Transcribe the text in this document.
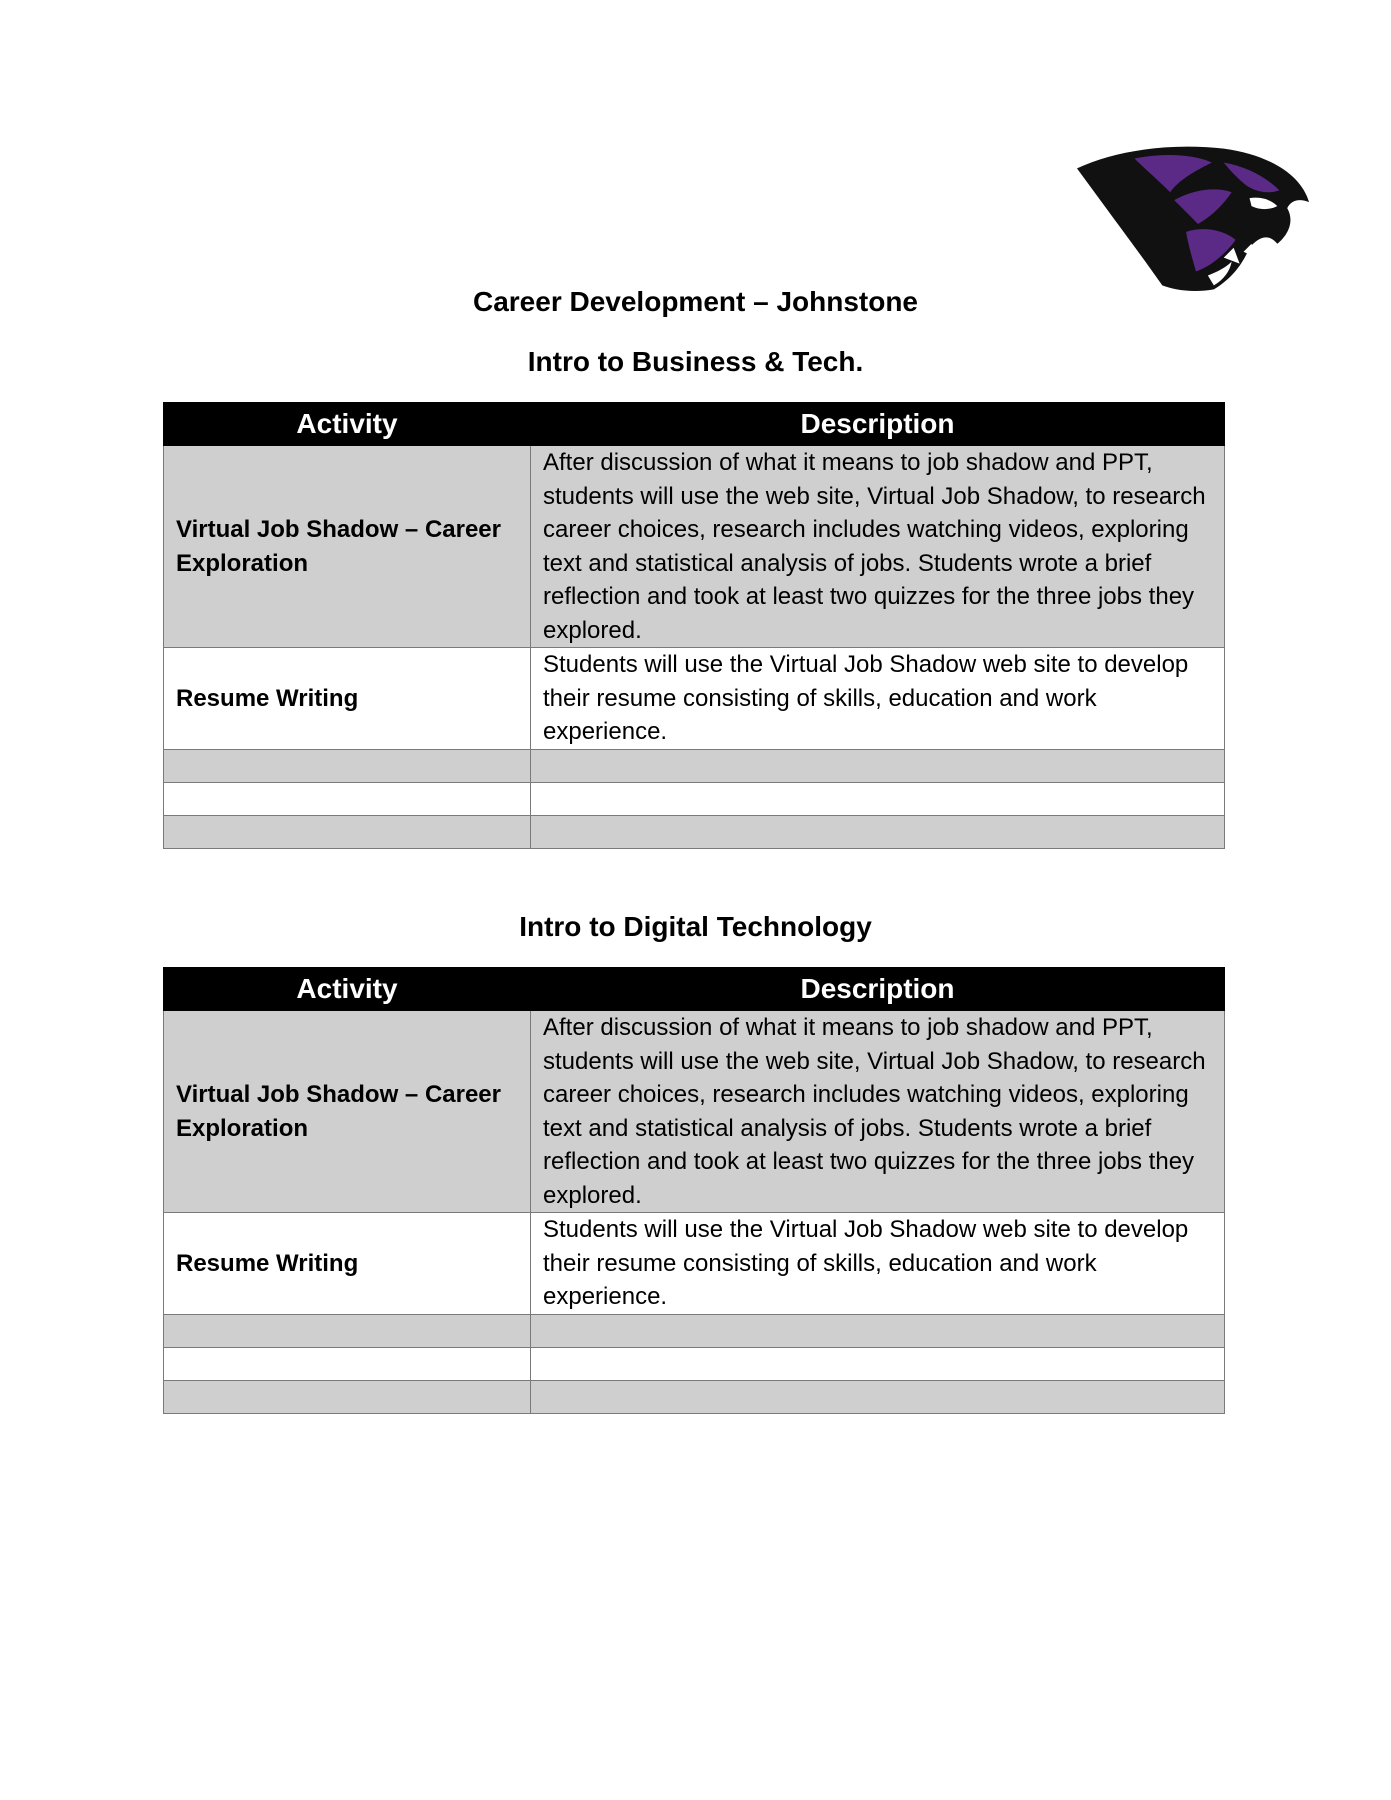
Career Development – Johnstone
Intro to Business & Tech.
Activity	Description
Virtual Job Shadow – Career Exploration	After discussion of what it means to job shadow and PPT, students will use the web site, Virtual Job Shadow, to research career choices, research includes watching videos, exploring text and statistical analysis of jobs. Students wrote a brief reflection and took at least two quizzes for the three jobs they explored.
Resume Writing	Students will use the Virtual Job Shadow web site to develop their resume consisting of skills, education and work experience.

Intro to Digital Technology
Activity	Description
Virtual Job Shadow – Career Exploration	After discussion of what it means to job shadow and PPT, students will use the web site, Virtual Job Shadow, to research career choices, research includes watching videos, exploring text and statistical analysis of jobs. Students wrote a brief reflection and took at least two quizzes for the three jobs they explored.
Resume Writing	Students will use the Virtual Job Shadow web site to develop their resume consisting of skills, education and work experience.
